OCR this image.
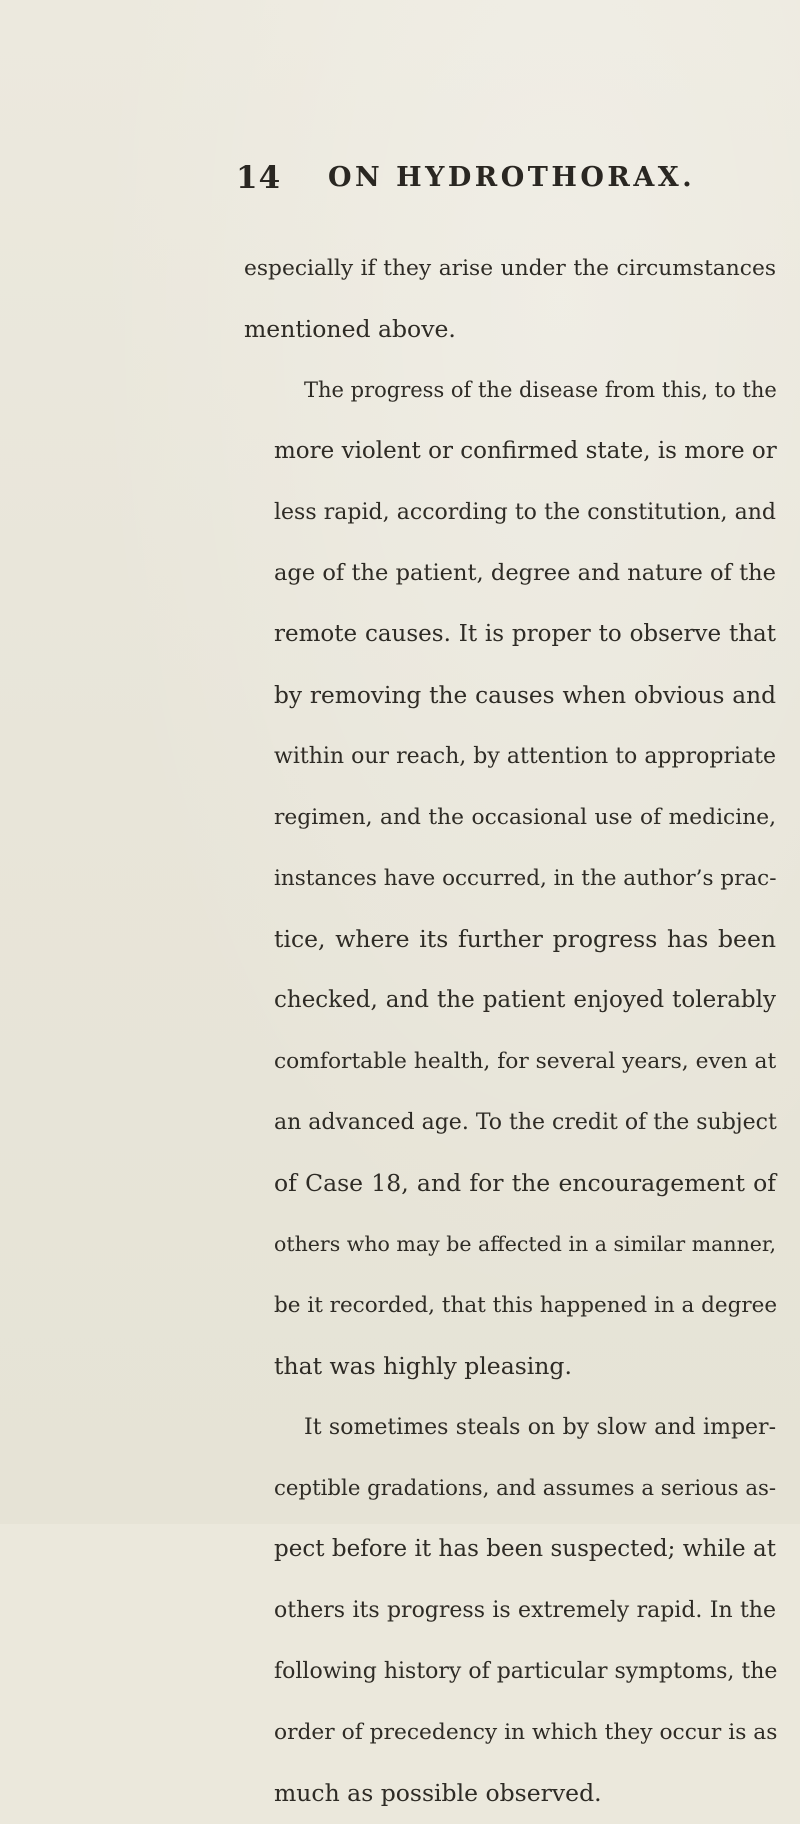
14 ON HYDROTHORAX.

especially if they arise under the circumstances
mentioned above.

The progress of the disease from this, to the
more violent or confirmed state, is more or
less rapid, according to the constitution, and
age of the patient, degree and nature of the
remote causes. It is proper to observe that
by removing the causes when obvious and
within our reach, by attention to appropriate
regimen, and the occasional use of medicine,
instances have occurred, in the author’s prac-
tice, where its further progress has been
checked, and the patient enjoyed tolerably
comfortable health, for several years, even at
an advanced age. To the credit of the subject
of Case 18, and for the encouragement of
others who may be affected in a similar manner,
be it recorded, that this happened in a degree
that was highly pleasing.

It sometimes steals on by slow and imper-
ceptible gradations, and assumes a serious as-
pect before it has been suspected; while at
others its progress is extremely rapid. In the
following history of particular symptoms, the
order of precedency in which they occur is as
much as possible observed.
